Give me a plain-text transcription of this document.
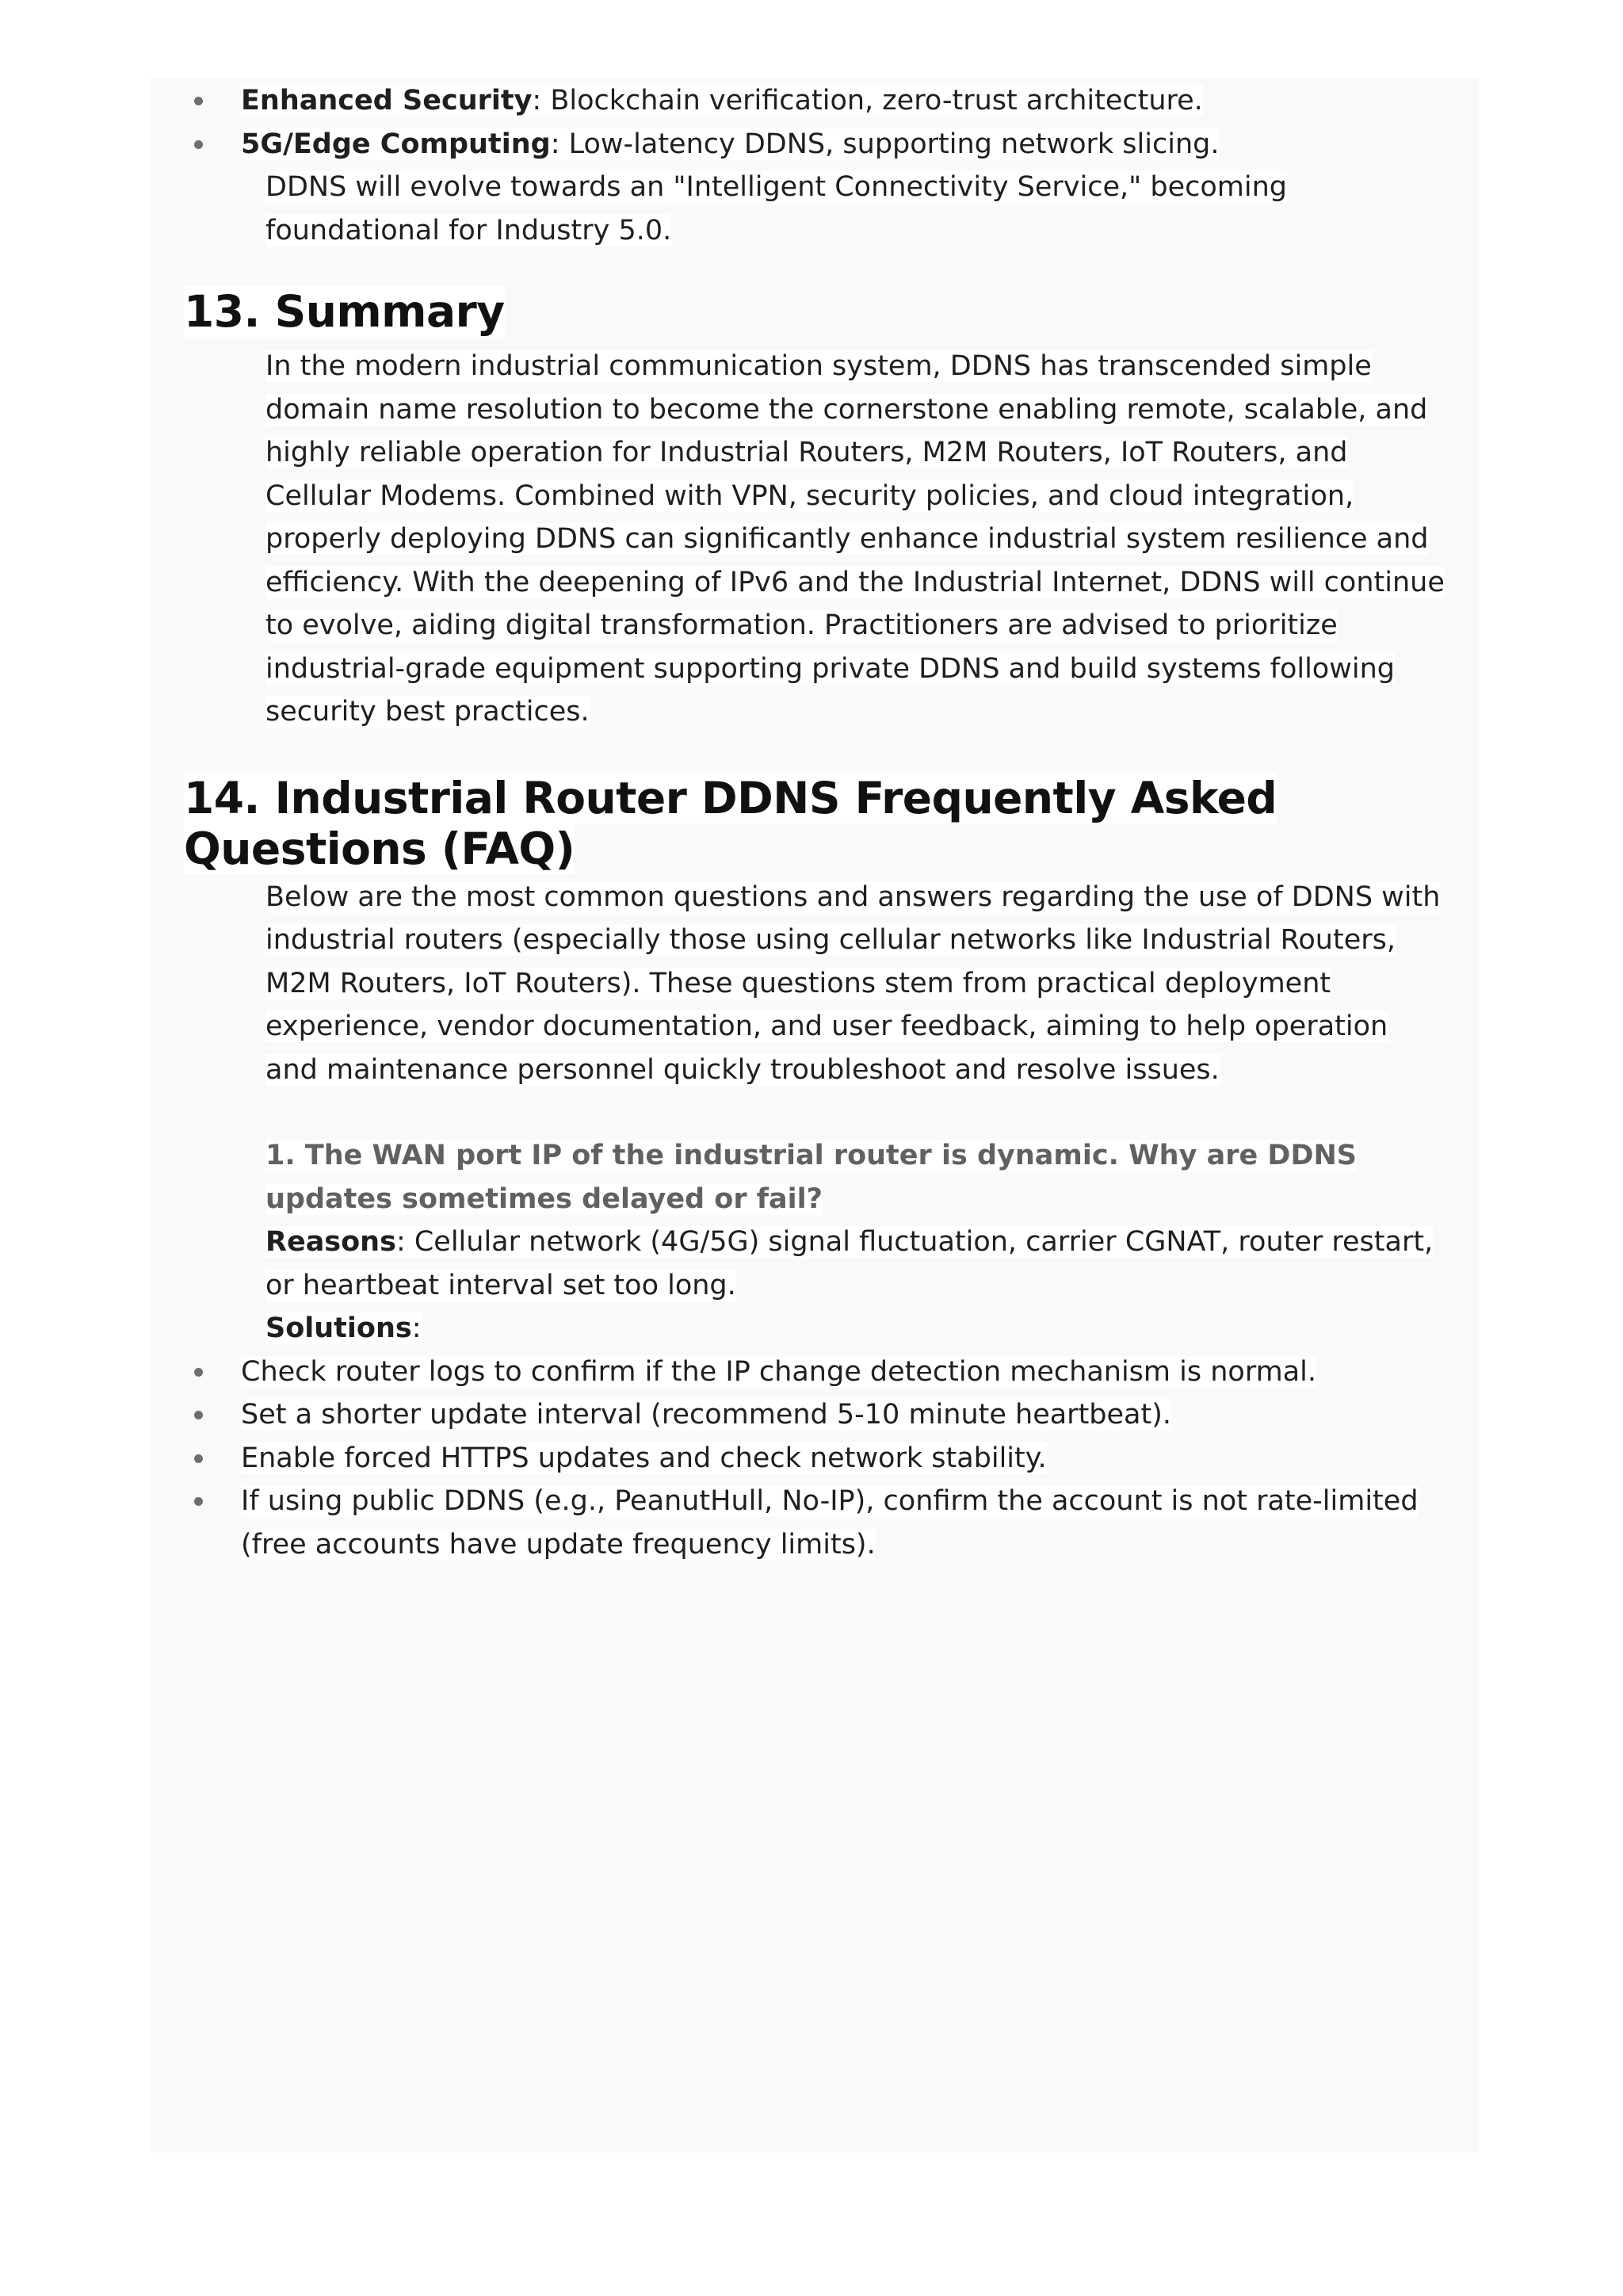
Enhanced Security: Blockchain verification, zero-trust architecture.
5G/Edge Computing: Low-latency DDNS, supporting network slicing.

DDNS will evolve towards an "Intelligent Connectivity Service," becoming foundational for Industry 5.0.

13. Summary

In the modern industrial communication system, DDNS has transcended simple domain name resolution to become the cornerstone enabling remote, scalable, and highly reliable operation for Industrial Routers, M2M Routers, IoT Routers, and Cellular Modems. Combined with VPN, security policies, and cloud integration, properly deploying DDNS can significantly enhance industrial system resilience and efficiency. With the deepening of IPv6 and the Industrial Internet, DDNS will continue to evolve, aiding digital transformation. Practitioners are advised to prioritize industrial-grade equipment supporting private DDNS and build systems following security best practices.

14. Industrial Router DDNS Frequently Asked Questions (FAQ)

Below are the most common questions and answers regarding the use of DDNS with industrial routers (especially those using cellular networks like Industrial Routers, M2M Routers, IoT Routers). These questions stem from practical deployment experience, vendor documentation, and user feedback, aiming to help operation and maintenance personnel quickly troubleshoot and resolve issues.

1. The WAN port IP of the industrial router is dynamic. Why are DDNS updates sometimes delayed or fail?

Reasons: Cellular network (4G/5G) signal fluctuation, carrier CGNAT, router restart, or heartbeat interval set too long.

Solutions:

Check router logs to confirm if the IP change detection mechanism is normal.
Set a shorter update interval (recommend 5-10 minute heartbeat).
Enable forced HTTPS updates and check network stability.
If using public DDNS (e.g., PeanutHull, No-IP), confirm the account is not rate-limited (free accounts have update frequency limits).
